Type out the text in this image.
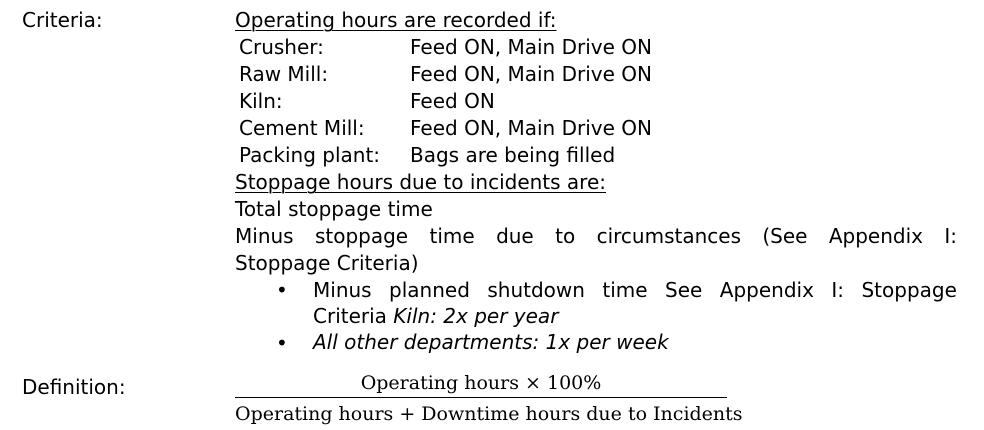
Criteria:	Operating hours are recorded if:
Crusher:	Feed ON, Main Drive ON
Raw Mill:	Feed ON, Main Drive ON
Kiln:	Feed ON
Cement Mill: Feed ON, Main Drive ON
Packing plant: Bags are being filled
Stoppage hours due to incidents are:
Total stoppage time
Minus stoppage time due to circumstances (See Appendix I:
Stoppage Criteria)
• Minus planned shutdown time See Appendix I: Stoppage
Criteria Kiln: 2x per year
• All other departments: 1x per week
Definition:	Operating hours × 100%
Operating hours + Downtime hours due to Incidents
